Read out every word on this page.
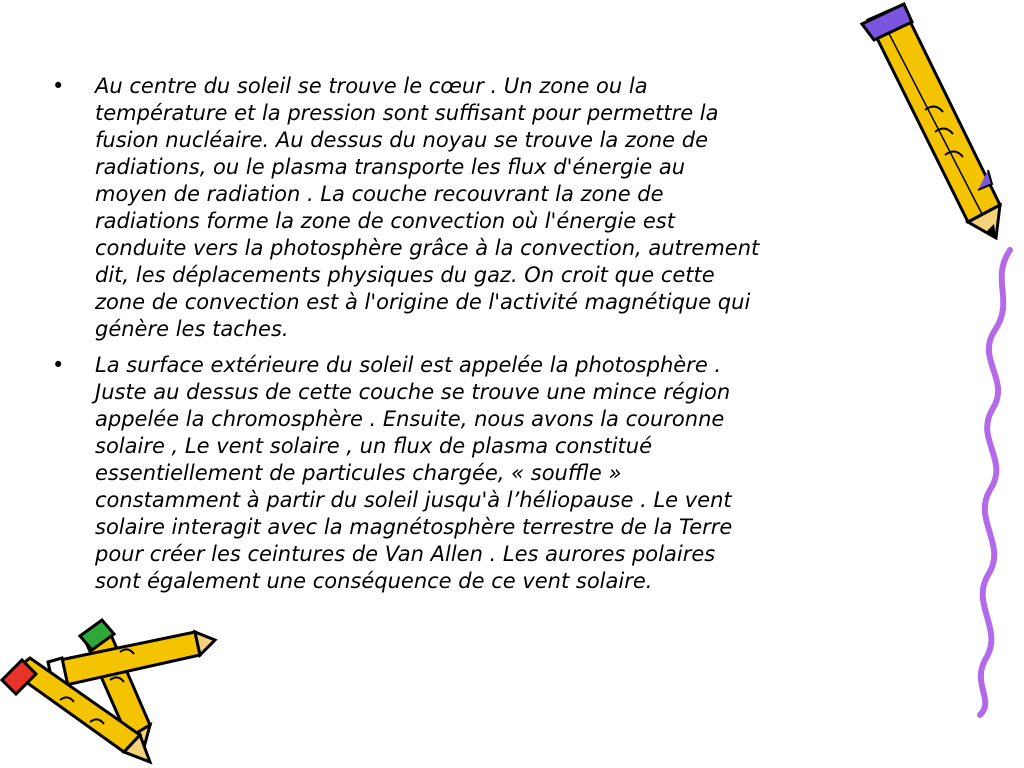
• Au centre du soleil se trouve le cœur . Un zone ou la
température et la pression sont suffisant pour permettre la
fusion nucléaire. Au dessus du noyau se trouve la zone de
radiations, ou le plasma transporte les flux d'énergie au
moyen de radiation . La couche recouvrant la zone de
radiations forme la zone de convection où l'énergie est
conduite vers la photosphère grâce à la convection, autrement
dit, les déplacements physiques du gaz. On croit que cette
zone de convection est à l'origine de l'activité magnétique qui
génère les taches.
• La surface extérieure du soleil est appelée la photosphère .
Juste au dessus de cette couche se trouve une mince région
appelée la chromosphère . Ensuite, nous avons la couronne
solaire , Le vent solaire , un flux de plasma constitué
essentiellement de particules chargée, « souffle »
constamment à partir du soleil jusqu'à l’héliopause . Le vent
solaire interagit avec la magnétosphère terrestre de la Terre
pour créer les ceintures de Van Allen . Les aurores polaires
sont également une conséquence de ce vent solaire.
